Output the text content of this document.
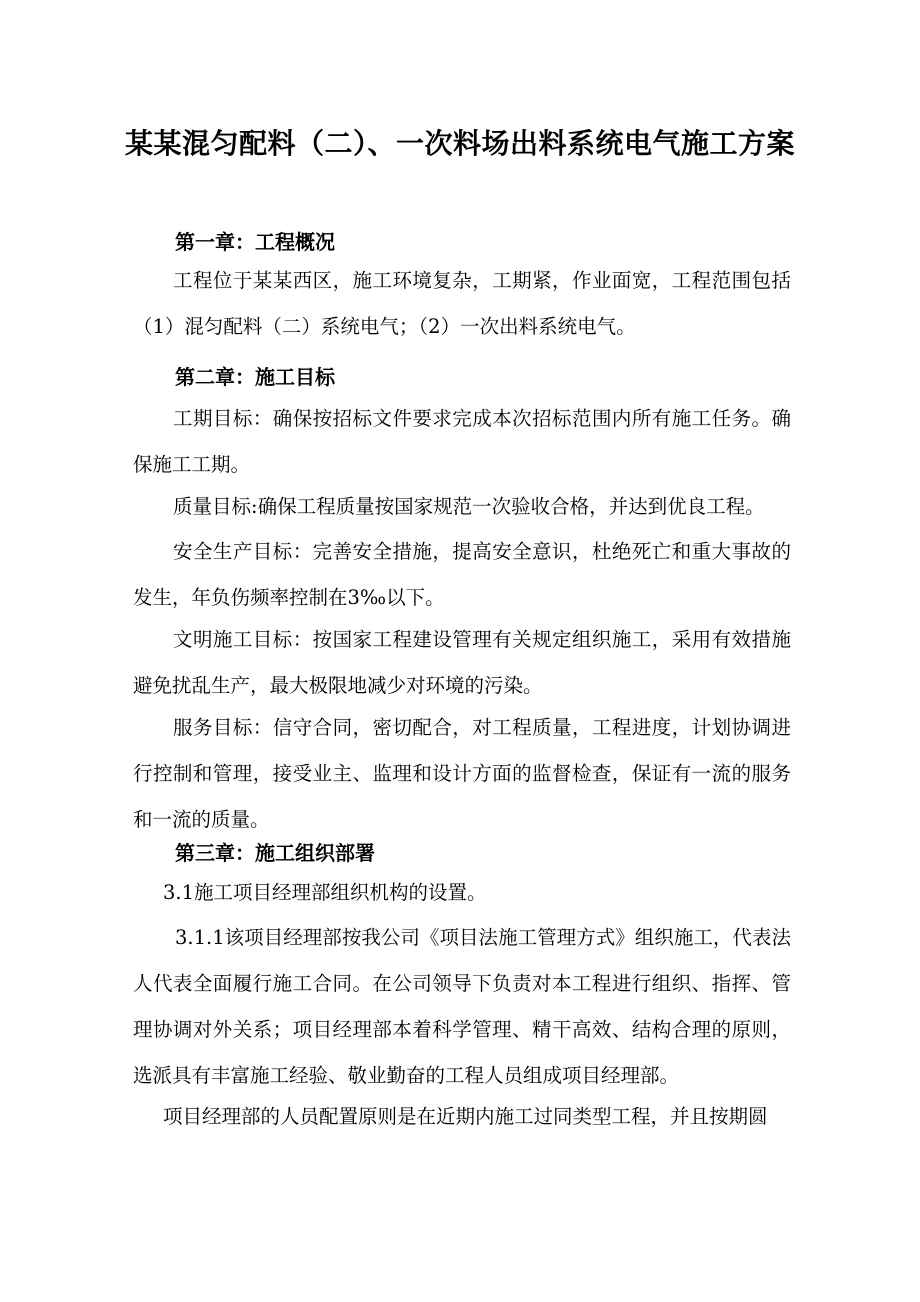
某某混匀配料（二）、一次料场出料系统电气施工方案
第一章：工程概况
工程位于某某西区，施工环境复杂，工期紧，作业面宽，工程范围包括（1）混匀配料（二）系统电气；（2）一次出料系统电气。
第二章：施工目标
工期目标：确保按招标文件要求完成本次招标范围内所有施工任务。确保施工工期。
质量目标:确保工程质量按国家规范一次验收合格，并达到优良工程。
安全生产目标：完善安全措施，提高安全意识，杜绝死亡和重大事故的发生，年负伤频率控制在3‰以下。
文明施工目标：按国家工程建设管理有关规定组织施工，采用有效措施避免扰乱生产，最大极限地减少对环境的污染。
服务目标：信守合同，密切配合，对工程质量，工程进度，计划协调进行控制和管理，接受业主、监理和设计方面的监督检查，保证有一流的服务和一流的质量。
第三章：施工组织部署
3.1施工项目经理部组织机构的设置。
3.1.1该项目经理部按我公司《项目法施工管理方式》组织施工，代表法人代表全面履行施工合同。在公司领导下负责对本工程进行组织、指挥、管理协调对外关系；项目经理部本着科学管理、精干高效、结构合理的原则，选派具有丰富施工经验、敬业勤奋的工程人员组成项目经理部。
项目经理部的人员配置原则是在近期内施工过同类型工程，并且按期圆
